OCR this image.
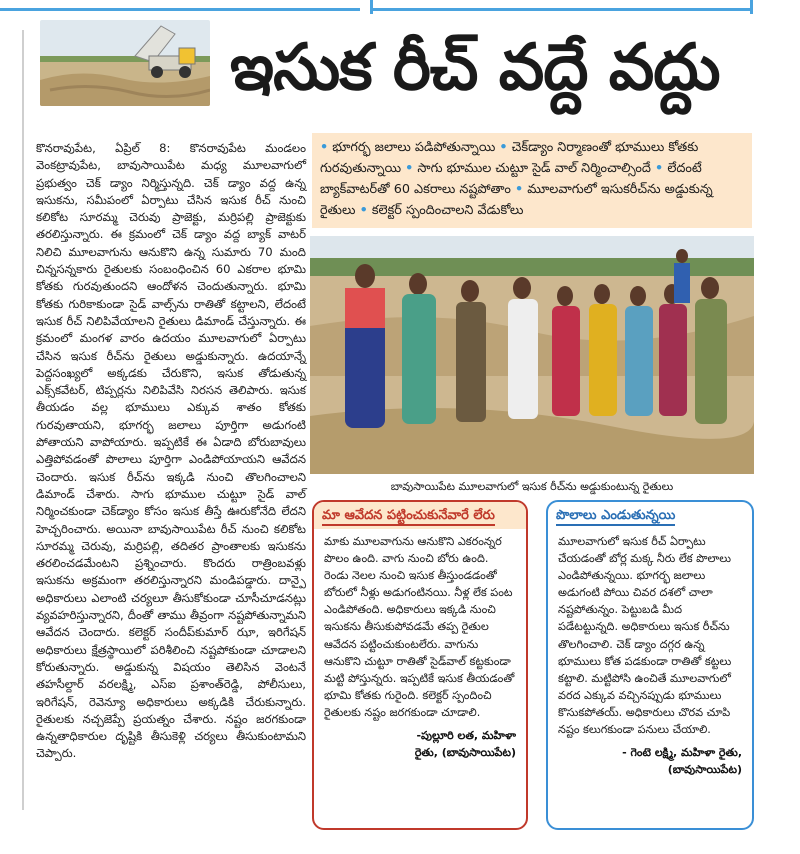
ఇసుక రీచ్‌ వద్దే వద్దు

కొనరావుపేట, ఏప్రిల్ 8: కొనరావుపేట మండలం వెంకట్రావుపేట, బావుసాయిపేట మధ్య మూలవాగులో ప్రభుత్వం చెక్ డ్యాం నిర్మిస్తున్నది. చెక్ డ్యాం వద్ద ఉన్న ఇసుకను, సమీపంలో ఏర్పాటు చేసిన ఇసుక రీచ్ నుంచి కలికోట సూరమ్మ చెరువు ప్రాజెక్టు, మర్రిపల్లి ప్రాజెక్టుకు తరలిస్తున్నారు. ఈ క్రమంలో చెక్ డ్యాం వద్ద బ్యాక్ వాటర్ నిలిచి మూలవాగును ఆనుకొని ఉన్న సుమారు 70 మంది చిన్నసన్నకారు రైతులకు సంబంధించిన 60 ఎకరాల భూమి కోతకు గురవుతుందని ఆందోళన చెందుతున్నారు. భూమి కోతకు గురికాకుండా సైడ్ వాల్స్‌ను రాతితో కట్టాలని, లేదంటే ఇసుక రీచ్ నిలిపివేయాలని రైతులు డిమాండ్ చేస్తున్నారు. ఈ క్రమంలో మంగళ వారం ఉదయం మూలవాగులో ఏర్పాటు చేసిన ఇసుక రీచ్‌ను రైతులు అడ్డుకున్నారు. ఉదయాన్నే పెద్దసంఖ్యలో అక్కడకు చేరుకొని, ఇసుక తోడుతున్న ఎక్స్‌కవేటర్, టిప్పర్లను నిలిపివేసి నిరసన తెలిపారు. ఇసుక తీయడం వల్ల భూములు ఎక్కువ శాతం కోతకు గురవుతాయని, భూగర్భ జలాలు పూర్తిగా అడుగంటి పోతాయని వాపోయారు. ఇప్పటికే ఈ ఏడాది బోరుబావులు ఎత్తిపోవడంతో పొలాలు పూర్తిగా ఎండిపోయాయని ఆవేదన చెందారు. ఇసుక రీచ్‌ను ఇక్కడి నుంచి తొలగించాలని డిమాండ్ చేశారు. సాగు భూముల చుట్టూ సైడ్ వాల్ నిర్మించకుండా చెక్‌డ్యాం కోసం ఇసుక తీస్తే ఊరుకోనేది లేదని హెచ్చరించారు. అయినా బావుసాయిపేట రీచ్ నుంచి కలికోట సూరమ్మ చెరువు, మర్రిపల్లి, తదితర ప్రాంతాలకు ఇసుకను తరలించడమేంటని ప్రశ్నించారు. కొందరు రాత్రింబవళ్లు ఇసుకను అక్రమంగా తరలిస్తున్నారని మండిపడ్డారు. దాన్పై అధికారులు ఎలాంటి చర్యలూ తీసుకోకుండా చూసీచూడనట్లు వ్యవహరిస్తున్నారని, దీంతో తాము తీవ్రంగా నష్టపోతున్నామని ఆవేదన చెందారు. కలెక్టర్ సందీప్‌కుమార్ ఝా, ఇరిగేషన్ అధికారులు క్షేత్రస్థాయిలో పరిశీలించి నష్టపోకుండా చూడాలని కోరుతున్నారు. అడ్డుకున్న విషయం తెలిసిన వెంటనే తహసీల్దార్ వరలక్ష్మి, ఎస్ఐ ప్రశాంత్‌రెడ్డి, పోలీసులు, ఇరిగేషన్, రెవెన్యూ అధికారులు అక్కడికి చేరుకున్నారు. రైతులకు నచ్చజెప్పే ప్రయత్నం చేశారు. నష్టం జరగకుండా ఉన్నతాధికారుల దృష్టికి తీసుకెళ్లి చర్యలు తీసుకుంటామని చెప్పారు.

• భూగర్భ జలాలు పడిపోతున్నాయి • చెక్‌డ్యాం నిర్మాణంతో భూములు కోతకు గురవుతున్నాయి • సాగు భూముల చుట్టూ సైడ్ వాల్ నిర్మించాల్సిందే • లేదంటే బ్యాక్‌వాటర్‌తో 60 ఎకరాలు నష్టపోతాం • మూలవాగులో ఇసుకరీచ్‌ను అడ్డుకున్న రైతులు • కలెక్టర్ స్పందించాలని వేడుకోలు
బావుసాయిపేట మూలవాగులో ఇసుక రీచ్‌ను అడ్డుకుంటున్న రైతులు
మా ఆవేదన పట్టించుకునేవారే లేరు
మాకు మూలవాగును ఆనుకొని ఎకరంన్నర పొలం ఉంది. వాగు నుంచి బోరు ఉంది. రెండు నెలల నుంచి ఇసుక తీస్తుండడంతో బోరులో నీళ్లు అడుగంటినయి. నీళ్ల లేక పంట ఎండిపోతంది. అధికారులు ఇక్కడి నుంచి ఇసుకను తీసుకుపోవడమే తప్ప రైతుల ఆవేదన పట్టించుకుంటలేరు. వాగును ఆనుకొని చుట్టూ రాతితో సైడ్‌వాల్ కట్టకుండా మట్టి పోస్తున్నరు. ఇప్పటికే ఇసుక తీయడంతో భూమి కోతకు గురైంది. కలెక్టర్ స్పందించి రైతులకు నష్టం జరగకుండా చూడాలి.
-పుల్లూరి లత, మహిళా
రైతు, (బావుసాయిపేట)
పొలాలు ఎండుతున్నయి
మూలవాగులో ఇసుక రీచ్ ఏర్పాటు చేయడంతో బోర్ల మక్క నీరు లేక పొలాలు ఎండిపోతున్నయి. భూగర్భ జలాలు అడుగంటి పోయి చివర దశలో చాలా నష్టపోతున్నం. పెట్టుబడి మీద పడేటట్టున్నది. అధికారులు ఇసుక రీచ్‌ను తొలగించాలి. చెక్ డ్యాం దగ్గర ఉన్న భూములు కోత పడకుండా రాతితో కట్టలు కట్టాలి. మట్టిపోసి ఉంచితే మూలవాగులో వరద ఎక్కువ వచ్చినప్పుడు భూములు కొసుకపోతయ్. అధికారులు చొరవ చూపి నష్టం కలుగకుండా పనులు చేయాలి.
- గెంటె లక్ష్మి, మహిళా రైతు,
(బావుసాయిపేట)
